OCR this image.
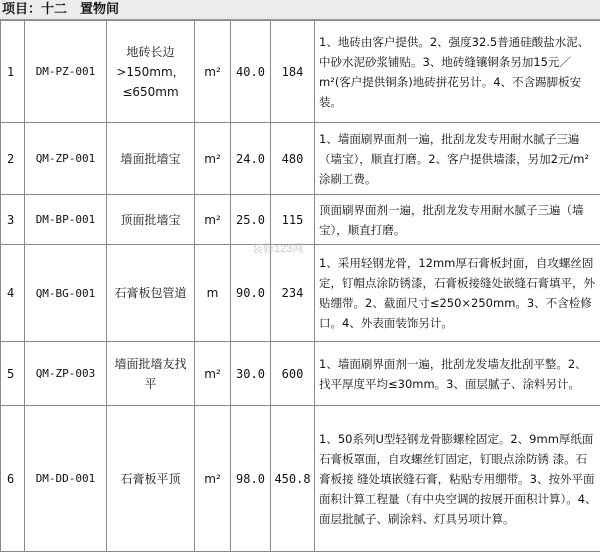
项目：十二　置物间
1	DM-PZ-001	地砖长边>150mm，≤650mm	m²	40.0	184	1、地砖由客户提供。2、强度32.5普通硅酸盐水泥、中砂水泥砂浆铺贴。3、地砖缝镶铜条另加15元／m²(客户提供铜条)地砖拼花另计。4、不含踢脚板安装。

2	QM-ZP-001	墙面批墙宝	m²	24.0	480	1、墙面刷界面剂一遍，批刮龙发专用耐水腻子三遍（墙宝），顺直打磨。2、客户提供墙漆，另加2元/m²涂刷工费。

3	DM-BP-001	顶面批墙宝	m²	25.0	115	顶面刷界面剂一遍，批刮龙发专用耐水腻子三遍（墙宝），顺直打磨。

4	QM-BG-001	石膏板包管道	m	90.0	234	1、采用轻钢龙骨，12mm厚石膏板封面，自攻螺丝固定，钉帽点涂防锈漆，石膏板接缝处嵌缝石膏填平，外贴绷带。2、截面尺寸≤250×250mm。3、不含检修口。4、外表面装饰另计。

5	QM-ZP-003	墙面批墙友找平	m²	30.0	600	1、墙面刷界面剂一遍，批刮龙发墙友批刮平整。2、找平厚度平均≤30mm。3、面层腻子、涂料另计。

6	DM-DD-001	石膏板平顶	m²	98.0	450.8	1、50系列U型轻钢龙骨膨螺栓固定。2、9mm厚纸面石膏板罩面，自攻螺丝钉固定，钉眼点涂防锈 漆。石膏板接 缝处填嵌缝石膏，粘贴专用绷带。3、按外平面面积计算工程量（有中央空调的按展开面积计算）。4、面层批腻子、刷涂料、灯具另项计算。
装修123网
